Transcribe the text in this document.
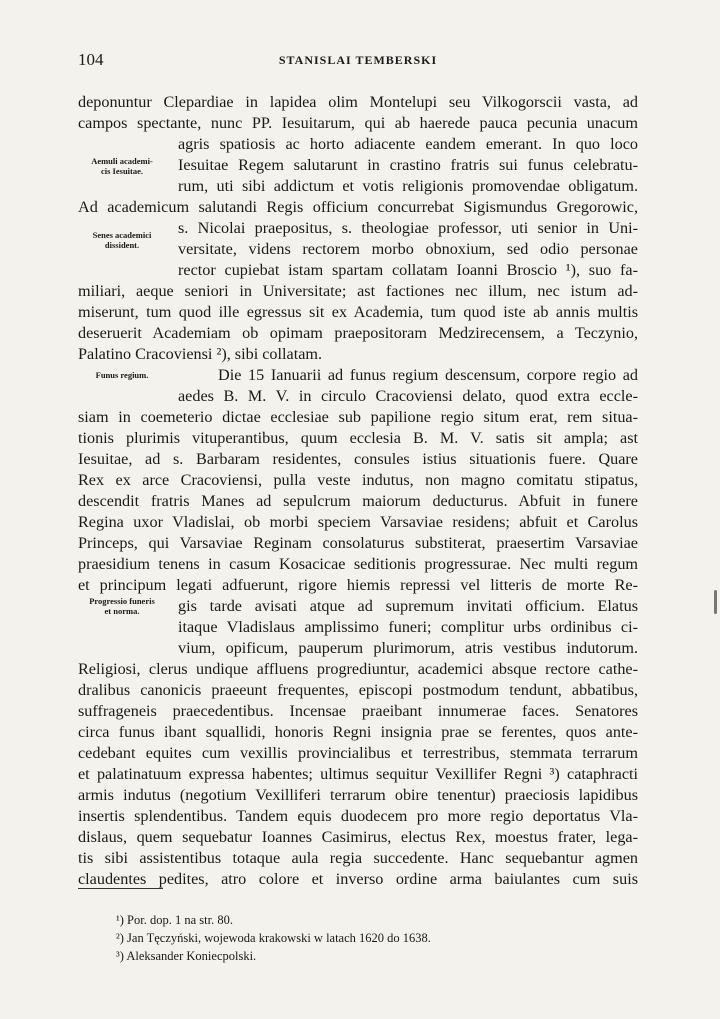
104	STANISLAI TEMBERSKI
deponuntur Clepardiae in lapidea olim Montelupi seu Vilkogorscii vasta, ad
campos spectante, nunc PP. Iesuitarum, qui ab haerede pauca pecunia unacum
agris spatiosis ac horto adiacente eandem emerant. In quo loco
Iesuitae Regem salutarunt in crastino fratris sui funus celebratu-
rum, uti sibi addictum et votis religionis promovendae obligatum.
Ad academicum salutandi Regis officium concurrebat Sigismundus Gregorowic,
s. Nicolai praepositus, s. theologiae professor, uti senior in Uni-
versitate, videns rectorem morbo obnoxium, sed odio personae
rector cupiebat istam spartam collatam Ioanni Broscio ¹), suo fa-
miliari, aeque seniori in Universitate; ast factiones nec illum, nec istum ad-
miserunt, tum quod ille egressus sit ex Academia, tum quod iste ab annis multis
deseruerit Academiam ob opimam praepositoram Medzirecensem, a Teczynio,
Palatino Cracoviensi ²), sibi collatam.
Die 15 Ianuarii ad funus regium descensum, corpore regio ad
aedes B. M. V. in circulo Cracoviensi delato, quod extra eccle-
siam in coemeterio dictae ecclesiae sub papilione regio situm erat, rem situa-
tionis plurimis vituperantibus, quum ecclesia B. M. V. satis sit ampla; ast
Iesuitae, ad s. Barbaram residentes, consules istius situationis fuere. Quare
Rex ex arce Cracoviensi, pulla veste indutus, non magno comitatu stipatus,
descendit fratris Manes ad sepulcrum maiorum deducturus. Abfuit in funere
Regina uxor Vladislai, ob morbi speciem Varsaviae residens; abfuit et Carolus
Princeps, qui Varsaviae Reginam consolaturus substiterat, praesertim Varsaviae
praesidium tenens in casum Kosacicae seditionis progressurae. Nec multi regum
et principum legati adfuerunt, rigore hiemis repressi vel litteris de morte Re-
gis tarde avisati atque ad supremum invitati officium. Elatus
itaque Vladislaus amplissimo funeri; complitur urbs ordinibus ci-
vium, opificum, pauperum plurimorum, atris vestibus indutorum.
Religiosi, clerus undique affluens progrediuntur, academici absque rectore cathe-
dralibus canonicis praeeunt frequentes, episcopi postmodum tendunt, abbatibus,
suffrageneis praecedentibus. Incensae praeibant innumerae faces. Senatores
circa funus ibant squallidi, honoris Regni insignia prae se ferentes, quos ante-
cedebant equites cum vexillis provincialibus et terrestribus, stemmata terrarum
et palatinatuum expressa habentes; ultimus sequitur Vexillifer Regni ³) cataphracti
armis indutus (negotium Vexilliferi terrarum obire tenentur) praeciosis lapidibus
insertis splendentibus. Tandem equis duodecem pro more regio deportatus Vla-
dislaus, quem sequebatur Ioannes Casimirus, electus Rex, moestus frater, lega-
tis sibi assistentibus totaque aula regia succedente. Hanc sequebantur agmen
claudentes pedites, atro colore et inverso ordine arma baiulantes cum suis
Aemuli academi-
cis Iesuitae.
Senes academici
dissident.
Funus regium.
Progressio funeris
et norma.
¹) Por. dop. 1 na str. 80.
²) Jan Tęczyński, wojewoda krakowski w latach 1620 do 1638.
³) Aleksander Koniecpolski.
